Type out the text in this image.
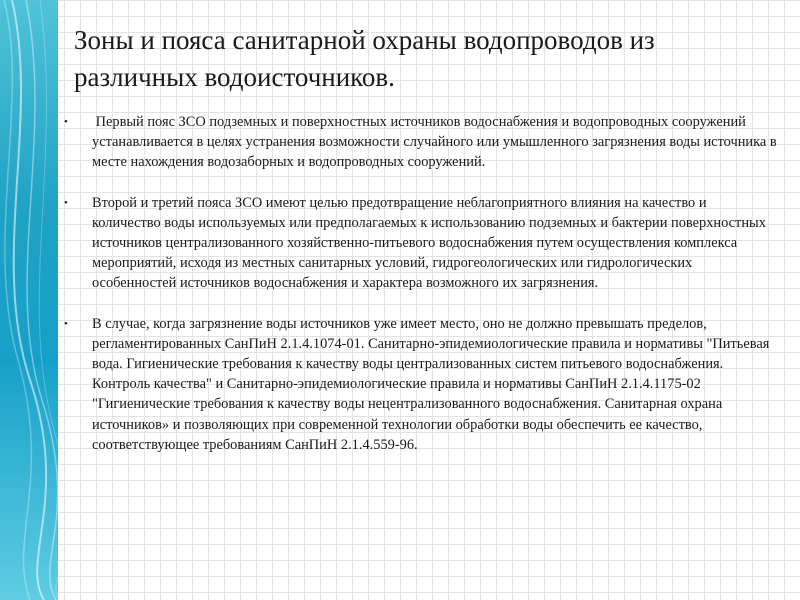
Зоны и пояса санитарной охраны водопроводов из различных водоисточников.
• Первый пояс ЗСО подземных и поверхностных источников водоснабжения и водопроводных сооружений устанавливается в целях устранения возможности случайного или умышленного загрязнения воды источника в месте нахождения водозаборных и водопроводных сооружений.
• Второй и третий пояса ЗСО имеют целью предотвращение неблагоприятного влияния на качество и количество воды используемых или предполагаемых к использованию подземных и бактерии поверхностных источников централизованного хозяйственно-питьевого водоснабжения путем осуществления комплекса мероприятий, исходя из местных санитарных условий, гидрогеологических или гидрологических особенностей источников водоснабжения и характера возможного их загрязнения.
• В случае, когда загрязнение воды источников уже имеет место, оно не должно превышать пределов, регламентированных СанПиН 2.1.4.1074-01. Санитарно-эпидемиологические правила и нормативы "Питьевая вода. Гигиенические требования к качеству воды централизованных систем питьевого водоснабжения. Контроль качества" и Санитарно-эпидемиологические правила и нормативы СанПиН 2.1.4.1175-02 "Гигиенические требования к качеству воды нецентрализованного водоснабжения. Санитарная охрана источников» и позволяющих при современной технологии обработки воды обеспечить ее качество, соответствующее требованиям СанПиН 2.1.4.559-96.
